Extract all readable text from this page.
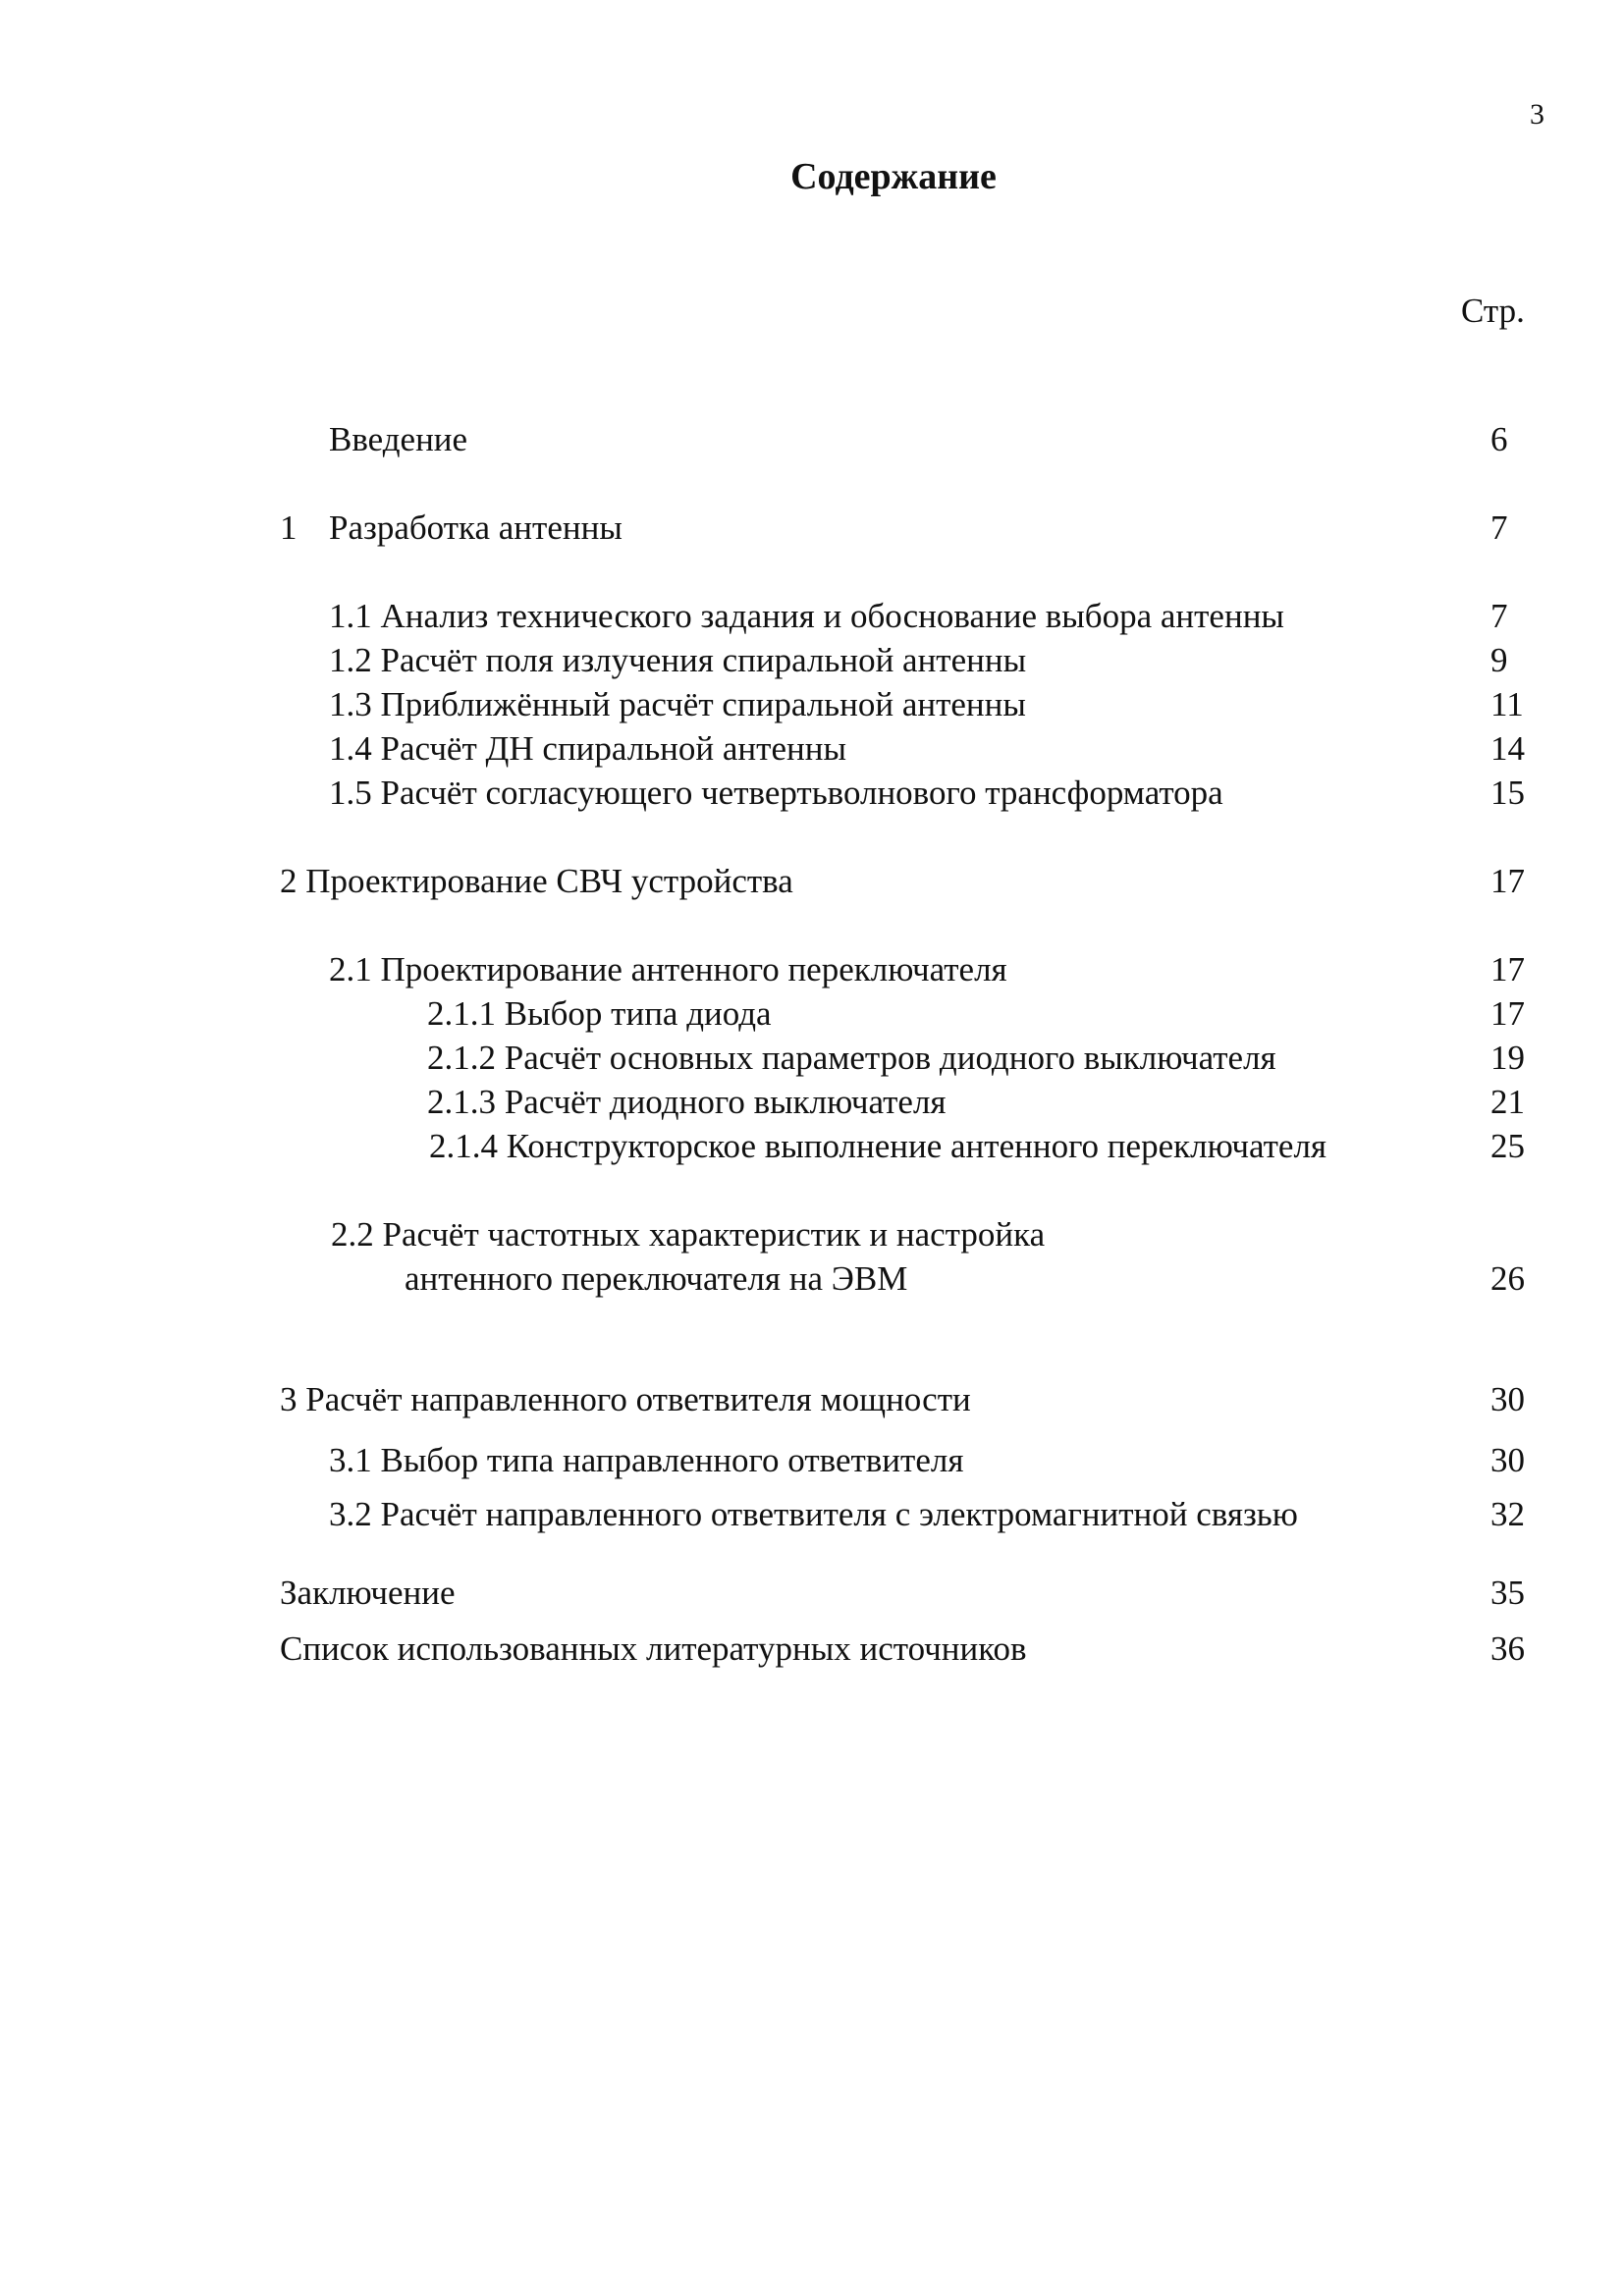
3
Содержание
Стр.
Введение	6
1 Разработка антенны	7
1.1 Анализ технического задания и обоснование выбора антенны	7
1.2 Расчёт поля излучения спиральной антенны	9
1.3 Приближённый расчёт спиральной антенны	11
1.4 Расчёт ДН спиральной антенны	14
1.5 Расчёт согласующего четвертьволнового трансформатора	15
2 Проектирование СВЧ устройства	17
2.1 Проектирование антенного переключателя	17
2.1.1 Выбор типа диода	17
2.1.2 Расчёт основных параметров диодного выключателя	19
2.1.3 Расчёт диодного выключателя	21
2.1.4 Конструкторское выполнение антенного переключателя	25
2.2 Расчёт частотных характеристик и настройка
антенного переключателя на ЭВМ	26
3 Расчёт направленного ответвителя мощности	30
3.1 Выбор типа направленного ответвителя	30
3.2 Расчёт направленного ответвителя с электромагнитной связью	32
Заключение	35
Список использованных литературных источников	36
